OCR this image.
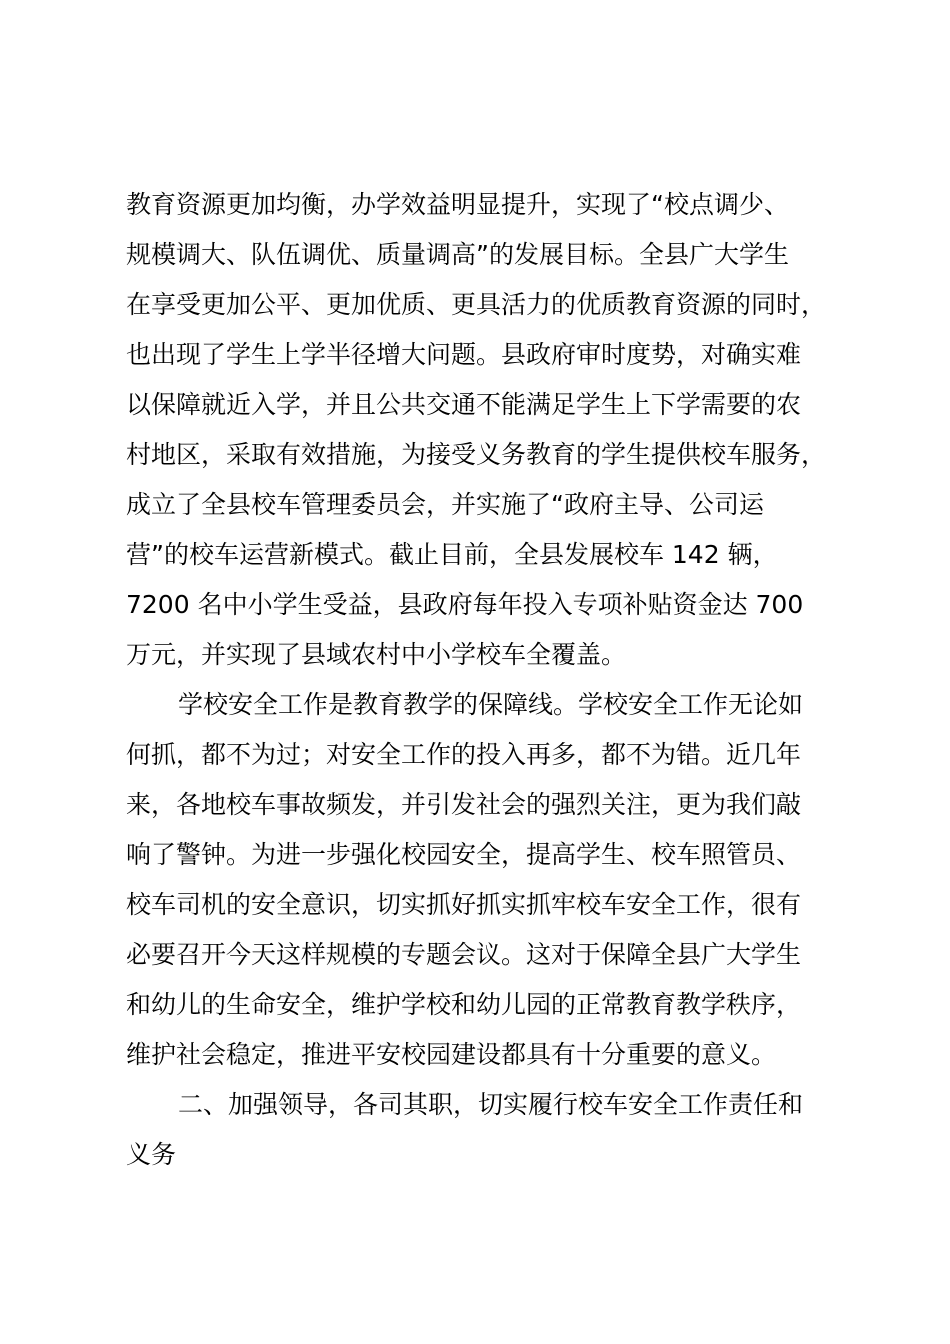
教育资源更加均衡，办学效益明显提升，实现了“校点调少、
规模调大、队伍调优、质量调高”的发展目标。全县广大学生
在享受更加公平、更加优质、更具活力的优质教育资源的同时，
也出现了学生上学半径增大问题。县政府审时度势，对确实难
以保障就近入学，并且公共交通不能满足学生上下学需要的农
村地区，采取有效措施，为接受义务教育的学生提供校车服务，
成立了全县校车管理委员会，并实施了“政府主导、公司运
营”的校车运营新模式。截止目前，全县发展校车 142 辆，
7200 名中小学生受益，县政府每年投入专项补贴资金达 700
万元，并实现了县域农村中小学校车全覆盖。
学校安全工作是教育教学的保障线。学校安全工作无论如
何抓，都不为过；对安全工作的投入再多，都不为错。近几年
来，各地校车事故频发，并引发社会的强烈关注，更为我们敲
响了警钟。为进一步强化校园安全，提高学生、校车照管员、
校车司机的安全意识，切实抓好抓实抓牢校车安全工作，很有
必要召开今天这样规模的专题会议。这对于保障全县广大学生
和幼儿的生命安全，维护学校和幼儿园的正常教育教学秩序，
维护社会稳定，推进平安校园建设都具有十分重要的意义。
二、加强领导，各司其职，切实履行校车安全工作责任和
义务
